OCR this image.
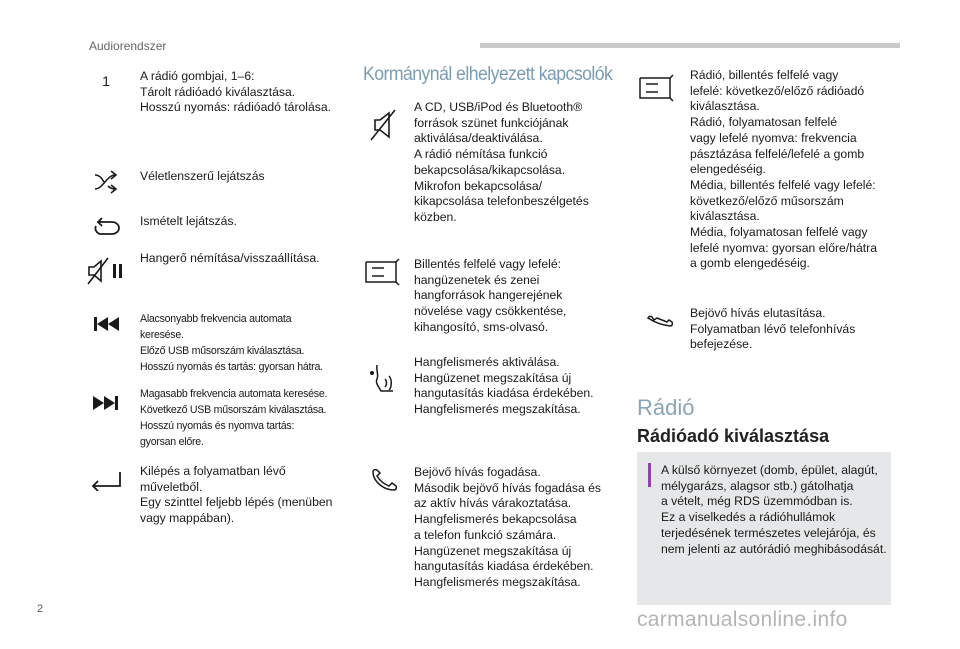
Audiorendszer
1	A rádió gombjai, 1–6:
Tárolt rádióadó kiválasztása.
Hosszú nyomás: rádióadó tárolása.
Véletlenszerű lejátszás
Ismételt lejátszás.
Hangerő némítása/visszaállítása.
Alacsonyabb frekvencia automata
keresése.
Előző USB műsorszám kiválasztása.
Hosszú nyomás és tartás: gyorsan hátra.
Magasabb frekvencia automata keresése.
Következő USB műsorszám kiválasztása.
Hosszú nyomás és nyomva tartás:
gyorsan előre.
Kilépés a folyamatban lévő
műveletből.
Egy szinttel feljebb lépés (menüben
vagy mappában).
Kormánynál elhelyezett kapcsolók
A CD, USB/iPod és Bluetooth®
források szünet funkciójának
aktiválása/deaktiválása.
A rádió némítása funkció
bekapcsolása/kikapcsolása.
Mikrofon bekapcsolása/
kikapcsolása telefonbeszélgetés
közben.
Billentés felfelé vagy lefelé:
hangüzenetek és zenei
hangforrások hangerejének
növelése vagy csökkentése,
kihangosító, sms-olvasó.
Hangfelismerés aktiválása.
Hangüzenet megszakítása új
hangutasítás kiadása érdekében.
Hangfelismerés megszakítása.
Bejövő hívás fogadása.
Második bejövő hívás fogadása és
az aktív hívás várakoztatása.
Hangfelismerés bekapcsolása
a telefon funkció számára.
Hangüzenet megszakítása új
hangutasítás kiadása érdekében.
Hangfelismerés megszakítása.
Rádió, billentés felfelé vagy
lefelé: következő/előző rádióadó
kiválasztása.
Rádió, folyamatosan felfelé
vagy lefelé nyomva: frekvencia
pásztázása felfelé/lefelé a gomb
elengedéséig.
Média, billentés felfelé vagy lefelé:
következő/előző műsorszám
kiválasztása.
Média, folyamatosan felfelé vagy
lefelé nyomva: gyorsan előre/hátra
a gomb elengedéséig.
Bejövő hívás elutasítása.
Folyamatban lévő telefonhívás
befejezése.
Rádió
Rádióadó kiválasztása
A külső környezet (domb, épület, alagút,
mélygarázs, alagsor stb.) gátolhatja
a vételt, még RDS üzemmódban is.
Ez a viselkedés a rádióhullámok
terjedésének természetes velejárója, és
nem jelenti az autórádió meghibásodását.
2	carmanualsonline.info
